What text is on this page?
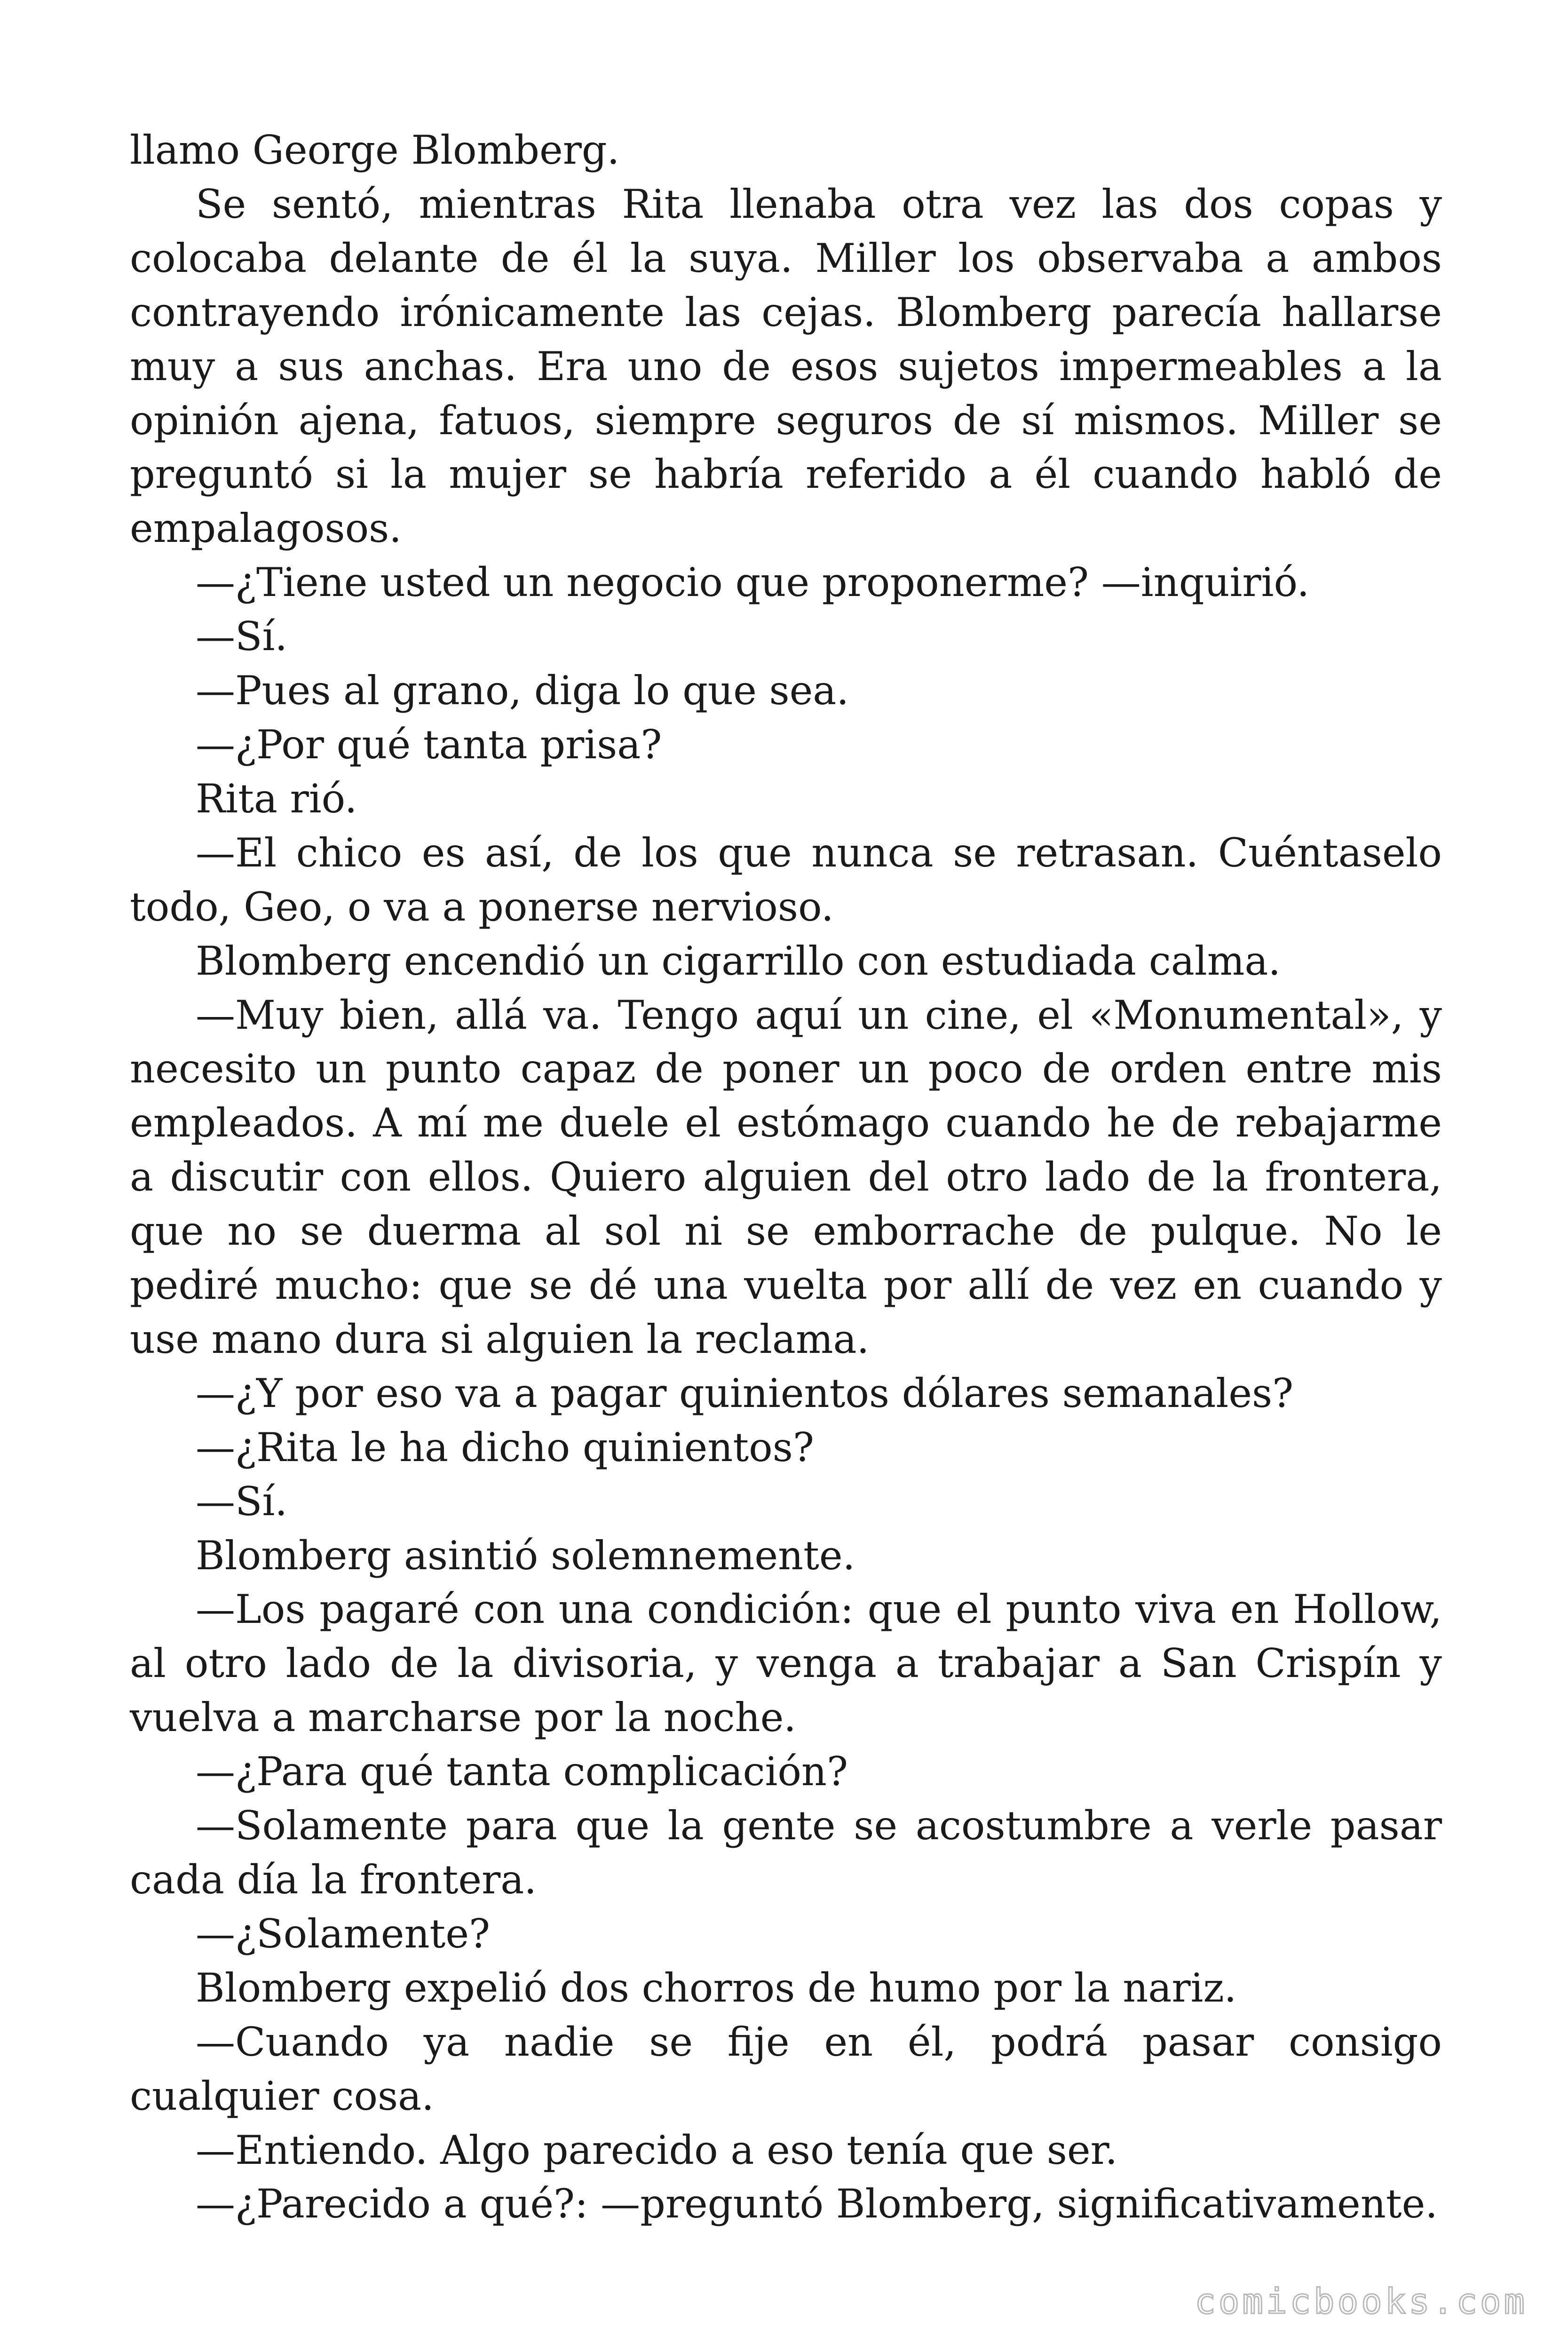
llamo George Blomberg.

Se sentó, mientras Rita llenaba otra vez las dos copas y colocaba delante de él la suya. Miller los observaba a ambos contrayendo irónicamente las cejas. Blomberg parecía hallarse muy a sus anchas. Era uno de esos sujetos impermeables a la opinión ajena, fatuos, siempre seguros de sí mismos. Miller se preguntó si la mujer se habría referido a él cuando habló de empalagosos.

—¿Tiene usted un negocio que proponerme? —inquirió.

—Sí.

—Pues al grano, diga lo que sea.

—¿Por qué tanta prisa?

Rita rió.

—El chico es así, de los que nunca se retrasan. Cuéntaselo todo, Geo, o va a ponerse nervioso.

Blomberg encendió un cigarrillo con estudiada calma.

—Muy bien, allá va. Tengo aquí un cine, el «Monumental», y necesito un punto capaz de poner un poco de orden entre mis empleados. A mí me duele el estómago cuando he de rebajarme a discutir con ellos. Quiero alguien del otro lado de la frontera, que no se duerma al sol ni se emborrache de pulque. No le pediré mucho: que se dé una vuelta por allí de vez en cuando y use mano dura si alguien la reclama.

—¿Y por eso va a pagar quinientos dólares semanales?

—¿Rita le ha dicho quinientos?

—Sí.

Blomberg asintió solemnemente.

—Los pagaré con una condición: que el punto viva en Hollow, al otro lado de la divisoria, y venga a trabajar a San Crispín y vuelva a marcharse por la noche.

—¿Para qué tanta complicación?

—Solamente para que la gente se acostumbre a verle pasar cada día la frontera.

—¿Solamente?

Blomberg expelió dos chorros de humo por la nariz.

—Cuando ya nadie se fije en él, podrá pasar consigo cualquier cosa.

—Entiendo. Algo parecido a eso tenía que ser.

—¿Parecido a qué?: —preguntó Blomberg, significativamente.

comicbooks.com
